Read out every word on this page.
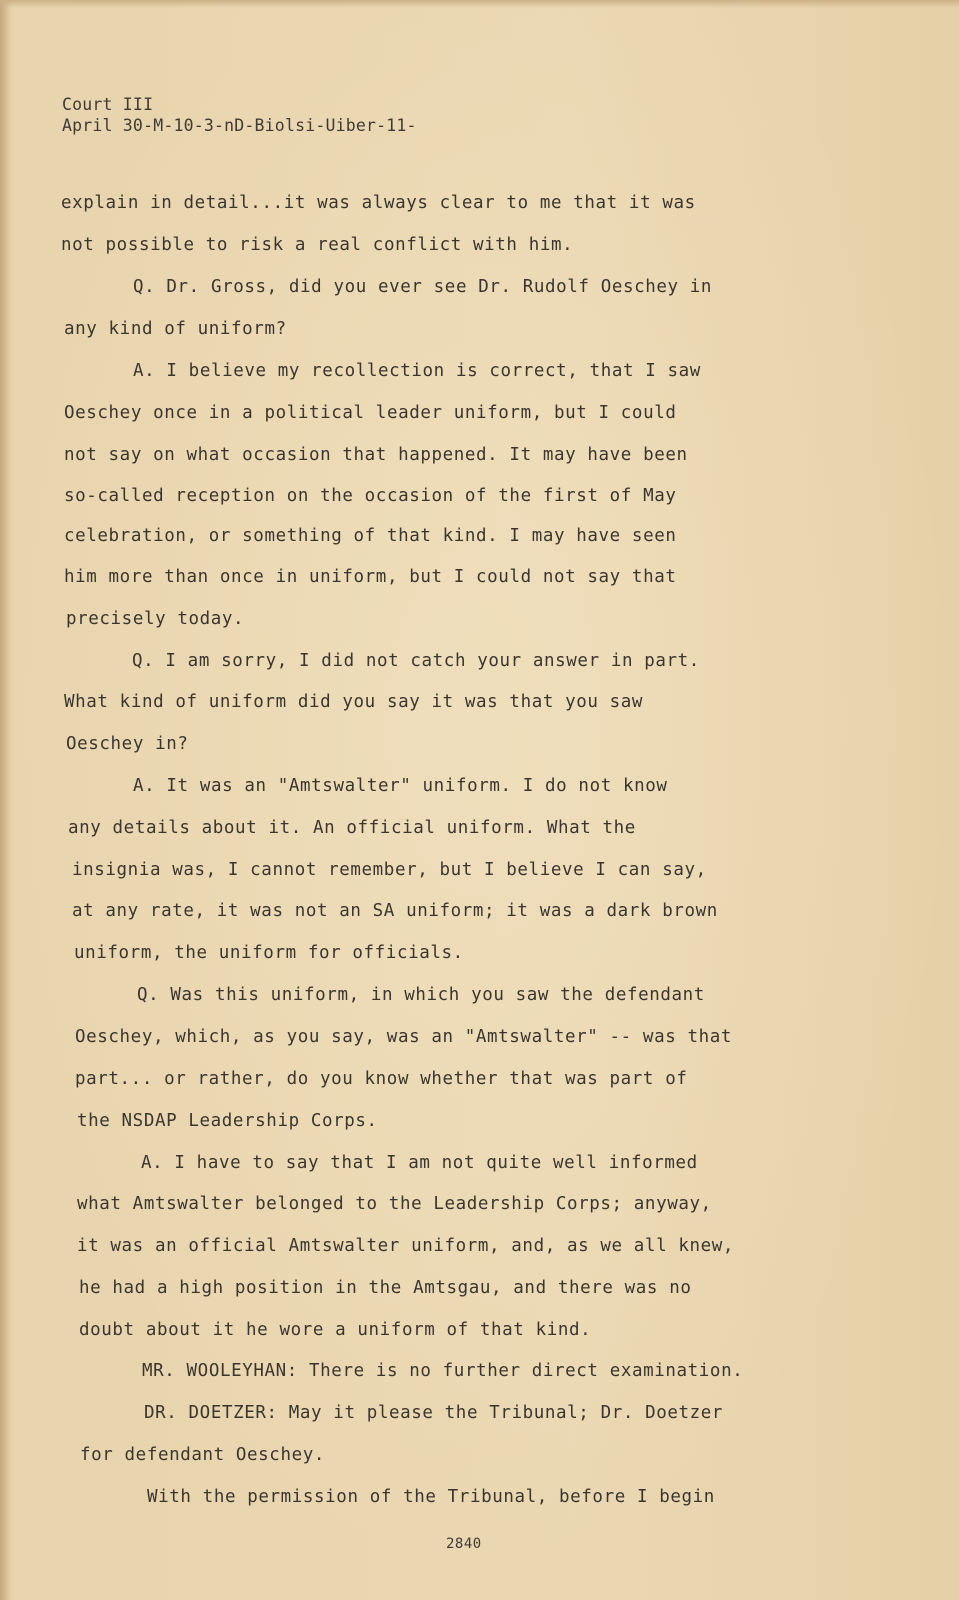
Court III
April 30-M-10-3-nD-Biolsi-Uiber-11-
explain in detail...it was always clear to me that it was
not possible to risk a real conflict with him.
Q. Dr. Gross, did you ever see Dr. Rudolf Oeschey in
any kind of uniform?
A. I believe my recollection is correct, that I saw
Oeschey once in a political leader uniform, but I could
not say on what occasion that happened. It may have been
so-called reception on the occasion of the first of May
celebration, or something of that kind. I may have seen
him more than once in uniform, but I could not say that
precisely today.
Q. I am sorry, I did not catch your answer in part.
What kind of uniform did you say it was that you saw
Oeschey in?
A. It was an "Amtswalter" uniform. I do not know
any details about it. An official uniform. What the
insignia was, I cannot remember, but I believe I can say,
at any rate, it was not an SA uniform; it was a dark brown
uniform, the uniform for officials.
Q. Was this uniform, in which you saw the defendant
Oeschey, which, as you say, was an "Amtswalter" -- was that
part... or rather, do you know whether that was part of
the NSDAP Leadership Corps.
A. I have to say that I am not quite well informed
what Amtswalter belonged to the Leadership Corps; anyway,
it was an official Amtswalter uniform, and, as we all knew,
he had a high position in the Amtsgau, and there was no
doubt about it he wore a uniform of that kind.
MR. WOOLEYHAN: There is no further direct examination.
DR. DOETZER: May it please the Tribunal; Dr. Doetzer
for defendant Oeschey.
With the permission of the Tribunal, before I begin
2840
